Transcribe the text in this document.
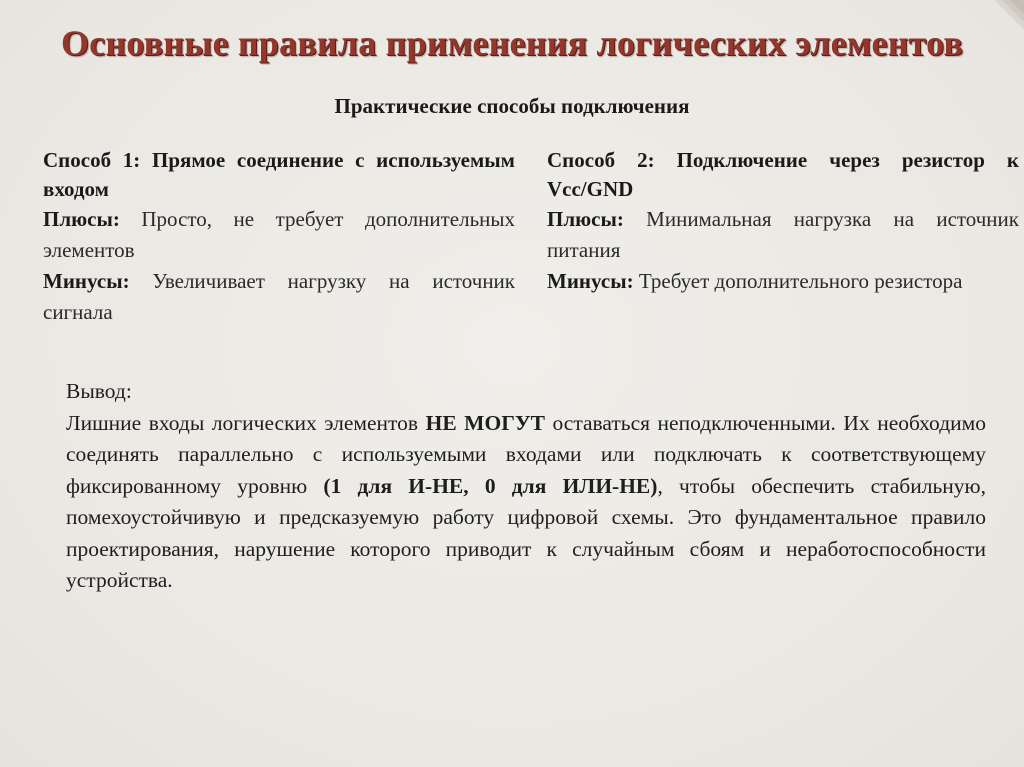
Основные правила применения логических элементов
Практические способы подключения

Способ 1: Прямое соединение с используемым входом

Плюсы: Просто, не требует дополнительных элементов

Минусы: Увеличивает нагрузку на источник сигнала

Способ 2: Подключение через резистор к Vcc/GND

Плюсы: Минимальная нагрузка на источник питания

Минусы: Требует дополнительного резистора

Вывод:

Лишние входы логических элементов НЕ МОГУТ оставаться неподключенными. Их необходимо соединять параллельно с используемыми входами или подключать к соответствующему фиксированному уровню (1 для И-НЕ, 0 для ИЛИ-НЕ), чтобы обеспечить стабильную, помехоустойчивую и предсказуемую работу цифровой схемы. Это фундаментальное правило проектирования, нарушение которого приводит к случайным сбоям и неработоспособности устройства.
